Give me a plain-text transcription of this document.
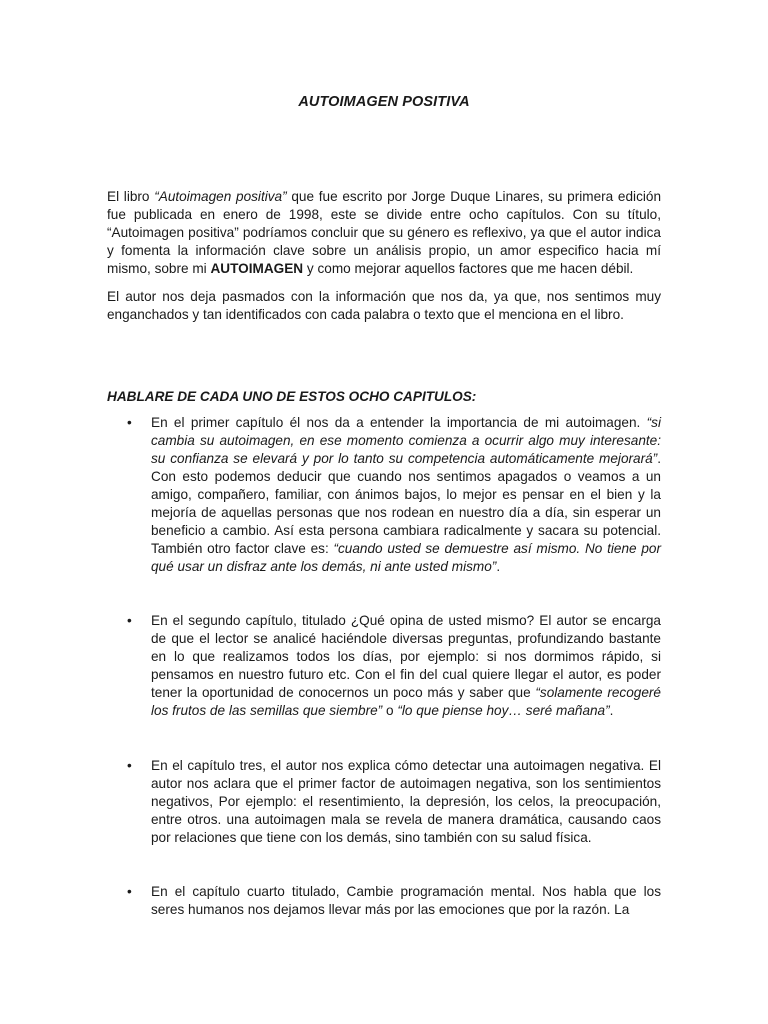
AUTOIMAGEN POSITIVA

El libro “Autoimagen positiva” que fue escrito por Jorge Duque Linares, su primera edición fue publicada en enero de 1998, este se divide entre ocho capítulos. Con su título, “Autoimagen positiva” podríamos concluir que su género es reflexivo, ya que el autor indica y fomenta la información clave sobre un análisis propio, un amor especifico hacia mí mismo, sobre mi AUTOIMAGEN y como mejorar aquellos factores que me hacen débil.

El autor nos deja pasmados con la información que nos da, ya que, nos sentimos muy enganchados y tan identificados con cada palabra o texto que el menciona en el libro.

HABLARE DE CADA UNO DE ESTOS OCHO CAPITULOS:

• En el primer capítulo él nos da a entender la importancia de mi autoimagen. “si cambia su autoimagen, en ese momento comienza a ocurrir algo muy interesante: su confianza se elevará y por lo tanto su competencia automáticamente mejorará”. Con esto podemos deducir que cuando nos sentimos apagados o veamos a un amigo, compañero, familiar, con ánimos bajos, lo mejor es pensar en el bien y la mejoría de aquellas personas que nos rodean en nuestro día a día, sin esperar un beneficio a cambio. Así esta persona cambiara radicalmente y sacara su potencial. También otro factor clave es: “cuando usted se demuestre así mismo. No tiene por qué usar un disfraz ante los demás, ni ante usted mismo”.

• En el segundo capítulo, titulado ¿Qué opina de usted mismo? El autor se encarga de que el lector se analicé haciéndole diversas preguntas, profundizando bastante en lo que realizamos todos los días, por ejemplo: si nos dormimos rápido, si pensamos en nuestro futuro etc. Con el fin del cual quiere llegar el autor, es poder tener la oportunidad de conocernos un poco más y saber que “solamente recogeré los frutos de las semillas que siembre” o “lo que piense hoy… seré mañana”.

• En el capítulo tres, el autor nos explica cómo detectar una autoimagen negativa. El autor nos aclara que el primer factor de autoimagen negativa, son los sentimientos negativos, Por ejemplo: el resentimiento, la depresión, los celos, la preocupación, entre otros. una autoimagen mala se revela de manera dramática, causando caos por relaciones que tiene con los demás, sino también con su salud física.

• En el capítulo cuarto titulado, Cambie programación mental. Nos habla que los seres humanos nos dejamos llevar más por las emociones que por la razón. La
